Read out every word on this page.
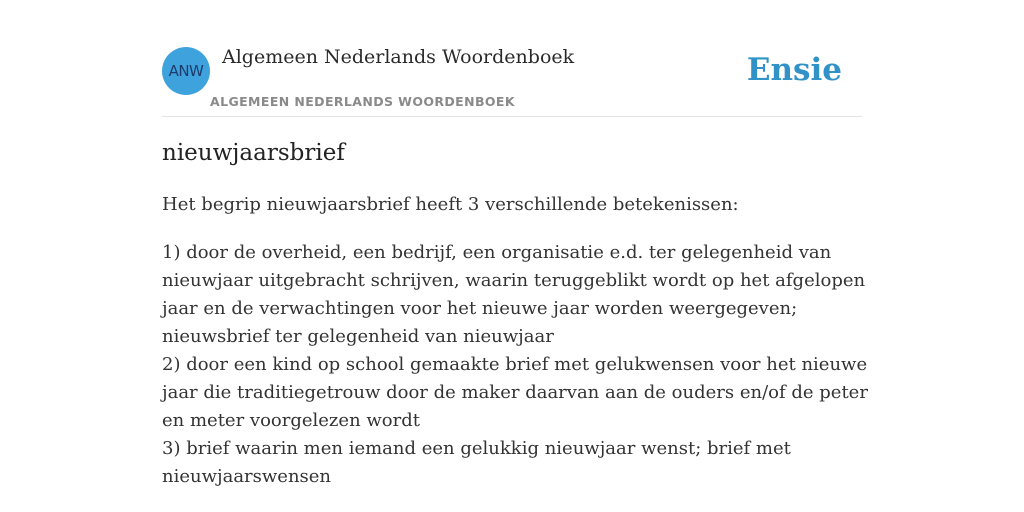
ANW
Algemeen Nederlands Woordenboek
ALGEMEEN NEDERLANDS WOORDENBOEK
Ensie
nieuwjaarsbrief

Het begrip nieuwjaarsbrief heeft 3 verschillende betekenissen:

1) door de overheid, een bedrijf, een organisatie e.d. ter gelegenheid van nieuwjaar uitgebracht schrijven, waarin teruggeblikt wordt op het afgelopen jaar en de verwachtingen voor het nieuwe jaar worden weergegeven; nieuwsbrief ter gelegenheid van nieuwjaar
2) door een kind op school gemaakte brief met gelukwensen voor het nieuwe jaar die traditiegetrouw door de maker daarvan aan de ouders en/of de peter en meter voorgelezen wordt
3) brief waarin men iemand een gelukkig nieuwjaar wenst; brief met nieuwjaarswensen
